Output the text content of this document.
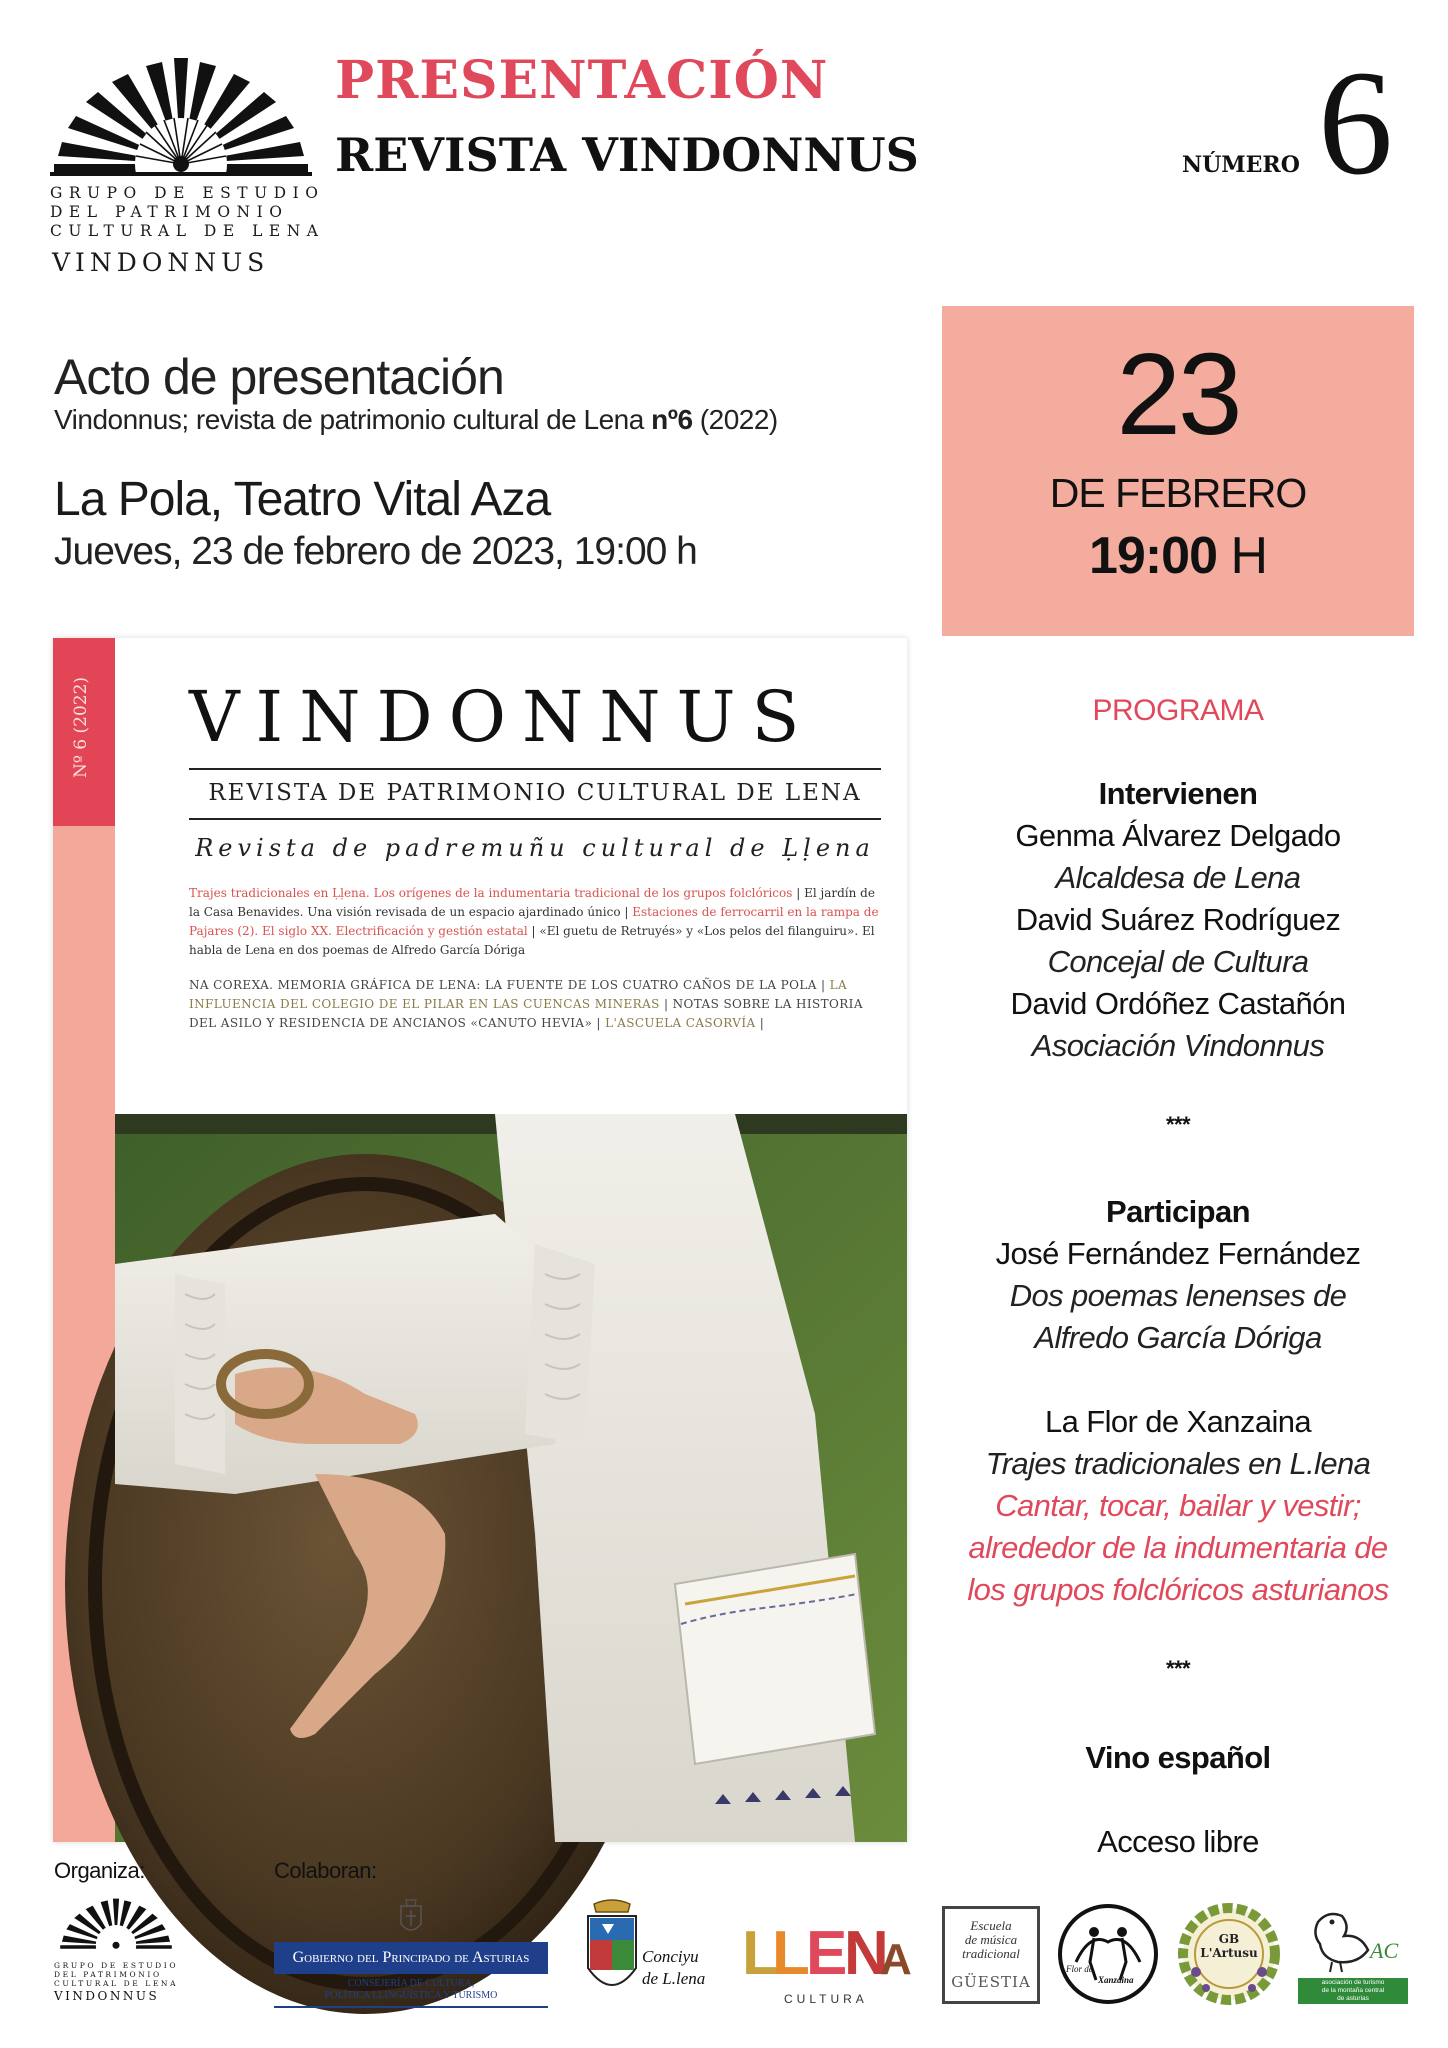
GRUPO DE ESTUDIO
DEL PATRIMONIO
CULTURAL DE LENA
VINDONNUS
PRESENTACIÓN
REVISTA VINDONNUS	NÚMERO 6
Acto de presentación
Vindonnus; revista de patrimonio cultural de Lena nº6 (2022)
La Pola, Teatro Vital Aza
Jueves, 23 de febrero de 2023, 19:00 h
23
DE FEBRERO
19:00 H
Nº 6 (2022) VINDONNUS
REVISTA DE PATRIMONIO CULTURAL DE LENA
Revista de padremuñu cultural de Ḷḷena
Trajes tradicionales en Ḷḷena. Los orígenes de la indumentaria tradicional de los grupos folclóricos | El jardín de la Casa Benavides. Una visión revisada de un espacio ajardinado único | Estaciones de ferrocarril en la rampa de Pajares (2). El siglo XX. Electrificación y gestión estatal | «El guetu de Retruyés» y «Los pelos del filanguiru». El habla de Lena en dos poemas de Alfredo García Dóriga
NA COREXA. MEMORIA GRÁFICA DE LENA: LA FUENTE DE LOS CUATRO CAÑOS DE LA POLA | LA INFLUENCIA DEL COLEGIO DE EL PILAR EN LAS CUENCAS MINERAS | NOTAS SOBRE LA HISTORIA DEL ASILO Y RESIDENCIA DE ANCIANOS «CANUTO HEVIA» | L'ASCUELA CASORVÍA |
PROGRAMA
Intervienen
Genma Álvarez Delgado
Alcaldesa de Lena
David Suárez Rodríguez
Concejal de Cultura
David Ordóñez Castañón
Asociación Vindonnus
***
Participan
José Fernández Fernández
Dos poemas lenenses de
Alfredo García Dóriga
La Flor de Xanzaina
Trajes tradicionales en L.lena
Cantar, tocar, bailar y vestir;
alrededor de la indumentaria de
los grupos folclóricos asturianos
***
Vino español
Acceso libre
Organiza:	Colaboran:
GRUPO DE ESTUDIO
DEL PATRIMONIO
CULTURAL DE LENA
VINDONNUS
Gobierno del Principado de Asturias
CONSEJERÍA DE CULTURA,
POLÍTICA LLINGÜÍSTICA Y TURISMO
Conciyu
de L.lena L
L
E
N
A
CULTURA
Escuela
de música
tradicional
GÜESTIA
Flor de
Xanzaina
GB
L'Artusu	AC
asociación de turismo
de la montaña central
de asturias
